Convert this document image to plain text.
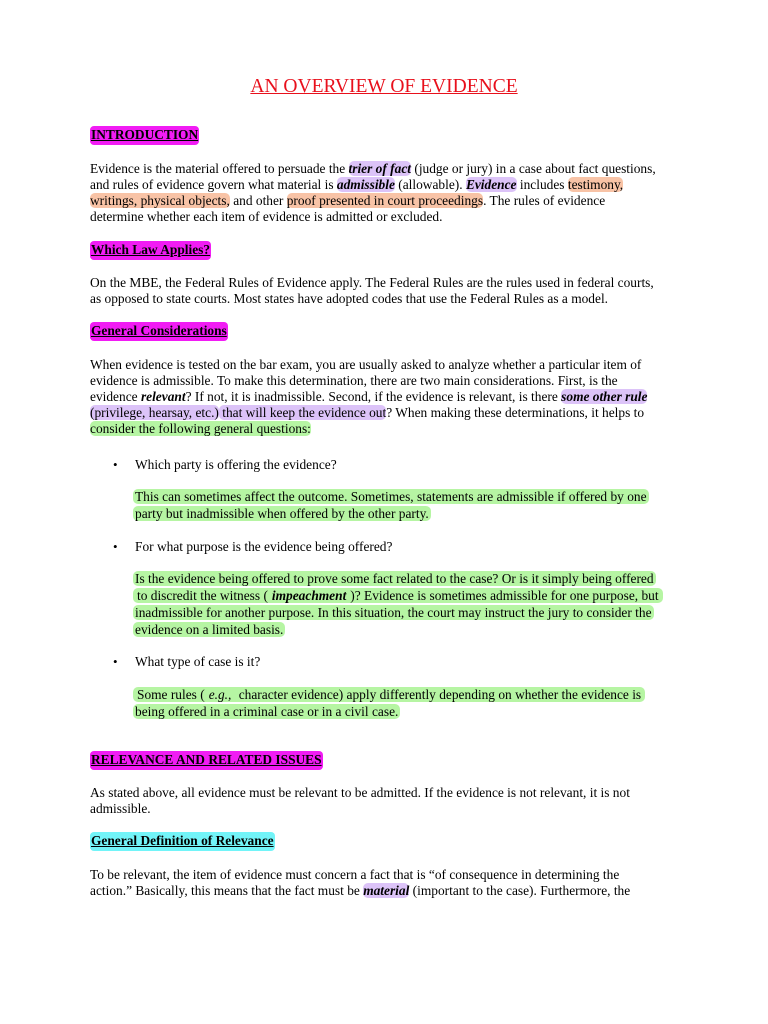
AN OVERVIEW OF EVIDENCE
INTRODUCTION
Evidence is the material offered to persuade the trier of fact (judge or jury) in a case about fact questions,
and rules of evidence govern what material is admissible (allowable). Evidence includes testimony,
writings, physical objects, and other proof presented in court proceedings. The rules of evidence
determine whether each item of evidence is admitted or excluded.
Which Law Applies?
On the MBE, the Federal Rules of Evidence apply. The Federal Rules are the rules used in federal courts,
as opposed to state courts. Most states have adopted codes that use the Federal Rules as a model.
General Considerations
When evidence is tested on the bar exam, you are usually asked to analyze whether a particular item of
evidence is admissible. To make this determination, there are two main considerations. First, is the
evidence relevant? If not, it is inadmissible. Second, if the evidence is relevant, is there some other rule
(privilege, hearsay, etc.) that will keep the evidence out? When making these determinations, it helps to
consider the following general questions:
• Which party is offering the evidence?
This can sometimes affect the outcome. Sometimes, statements are admissible if offered by one
party but inadmissible when offered by the other party.
• For what purpose is the evidence being offered?
Is the evidence being offered to prove some fact related to the case? Or is it simply being offered
to discredit the witness ( impeachment )? Evidence is sometimes admissible for one purpose, but
inadmissible for another purpose. In this situation, the court may instruct the jury to consider the
evidence on a limited basis.
• What type of case is it?
Some rules ( e.g., character evidence) apply differently depending on whether the evidence is
being offered in a criminal case or in a civil case.
RELEVANCE AND RELATED ISSUES
As stated above, all evidence must be relevant to be admitted. If the evidence is not relevant, it is not
admissible.
General Definition of Relevance
To be relevant, the item of evidence must concern a fact that is “of consequence in determining the
action.” Basically, this means that the fact must be material (important to the case). Furthermore, the
